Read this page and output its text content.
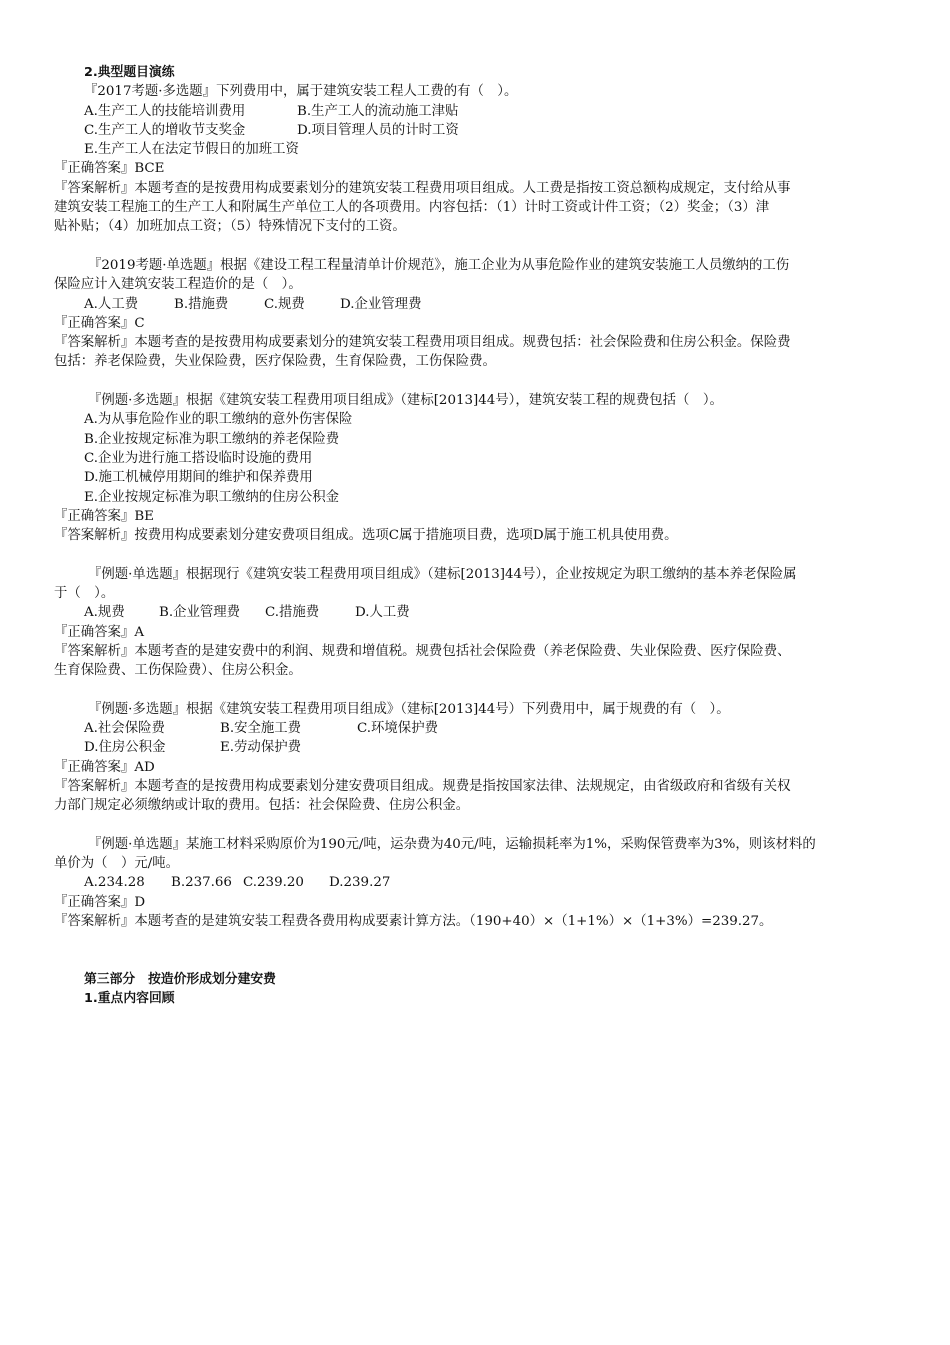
2.典型题目演练
『2017考题·多选题』下列费用中，属于建筑安装工程人工费的有（　）。
A.生产工人的技能培训费用	B.生产工人的流动施工津贴
C.生产工人的增收节支奖金	D.项目管理人员的计时工资
E.生产工人在法定节假日的加班工资
『正确答案』BCE
『答案解析』本题考查的是按费用构成要素划分的建筑安装工程费用项目组成。人工费是指按工资总额构成规定，支付给从事
建筑安装工程施工的生产工人和附属生产单位工人的各项费用。内容包括：（1）计时工资或计件工资；（2）奖金；（3）津
贴补贴；（4）加班加点工资；（5）特殊情况下支付的工资。
『2019考题·单选题』根据《建设工程工程量清单计价规范》，施工企业为从事危险作业的建筑安装施工人员缴纳的工伤
保险应计入建筑安装工程造价的是（　）。
A.人工费	B.措施费	C.规费	D.企业管理费
『正确答案』C
『答案解析』本题考查的是按费用构成要素划分的建筑安装工程费用项目组成。规费包括：社会保险费和住房公积金。保险费
包括：养老保险费，失业保险费，医疗保险费，生育保险费，工伤保险费。
『例题·多选题』根据《建筑安装工程费用项目组成》（建标[2013]44号），建筑安装工程的规费包括（　）。
A.为从事危险作业的职工缴纳的意外伤害保险
B.企业按规定标准为职工缴纳的养老保险费
C.企业为进行施工搭设临时设施的费用
D.施工机械停用期间的维护和保养费用
E.企业按规定标准为职工缴纳的住房公积金
『正确答案』BE
『答案解析』按费用构成要素划分建安费项目组成。选项C属于措施项目费，选项D属于施工机具使用费。
『例题·单选题』根据现行《建筑安装工程费用项目组成》（建标[2013]44号），企业按规定为职工缴纳的基本养老保险属
于（　）。
A.规费	B.企业管理费 C.措施费	D.人工费
『正确答案』A
『答案解析』本题考查的是建安费中的利润、规费和增值税。规费包括社会保险费（养老保险费、失业保险费、医疗保险费、
生育保险费、工伤保险费）、住房公积金。
『例题·多选题』根据《建筑安装工程费用项目组成》（建标[2013]44号）下列费用中，属于规费的有（　）。
A.社会保险费	B.安全施工费	C.环境保护费
D.住房公积金	E.劳动保护费
『正确答案』AD
『答案解析』本题考查的是按费用构成要素划分建安费项目组成。规费是指按国家法律、法规规定，由省级政府和省级有关权
力部门规定必须缴纳或计取的费用。包括：社会保险费、住房公积金。
『例题·单选题』某施工材料采购原价为190元/吨，运杂费为40元/吨，运输损耗率为1%，采购保管费率为3%，则该材料的
单价为（　）元/吨。
A.234.28 B.237.66 C.239.20 D.239.27
『正确答案』D
『答案解析』本题考查的是建筑安装工程费各费用构成要素计算方法。（190+40）×（1+1%）×（1+3%）=239.27。
第三部分　按造价形成划分建安费
1.重点内容回顾
